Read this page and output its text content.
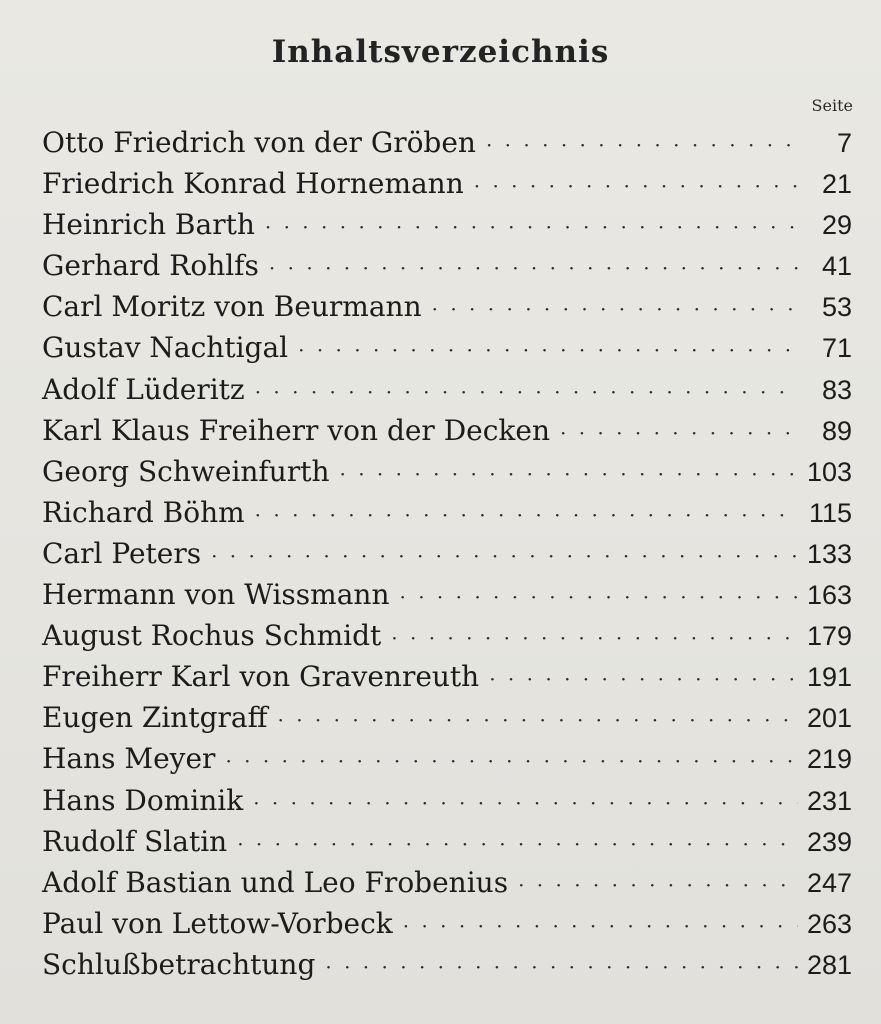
Inhaltsverzeichnis
Seite
Otto Friedrich von der Gröben · · ·	7
Friedrich Konrad Hornemann · · ·	21
Heinrich Barth · · ·	29
Gerhard Rohlfs · · ·	41
Carl Moritz von Beurmann · · ·	53
Gustav Nachtigal · · ·	71
Adolf Lüderitz · · ·	83
Karl Klaus Freiherr von der Decken · · ·	89
Georg Schweinfurth · · ·	103
Richard Böhm · · ·	115
Carl Peters · · ·	133
Hermann von Wissmann · · ·	163
August Rochus Schmidt · · ·	179
Freiherr Karl von Gravenreuth · · ·	191
Eugen Zintgraff · · ·	201
Hans Meyer · · ·	219
Hans Dominik · · ·	231
Rudolf Slatin · · ·	239
Adolf Bastian und Leo Frobenius · · ·	247
Paul von Lettow-Vorbeck · · ·	263
Schlußbetrachtung · · ·	281
